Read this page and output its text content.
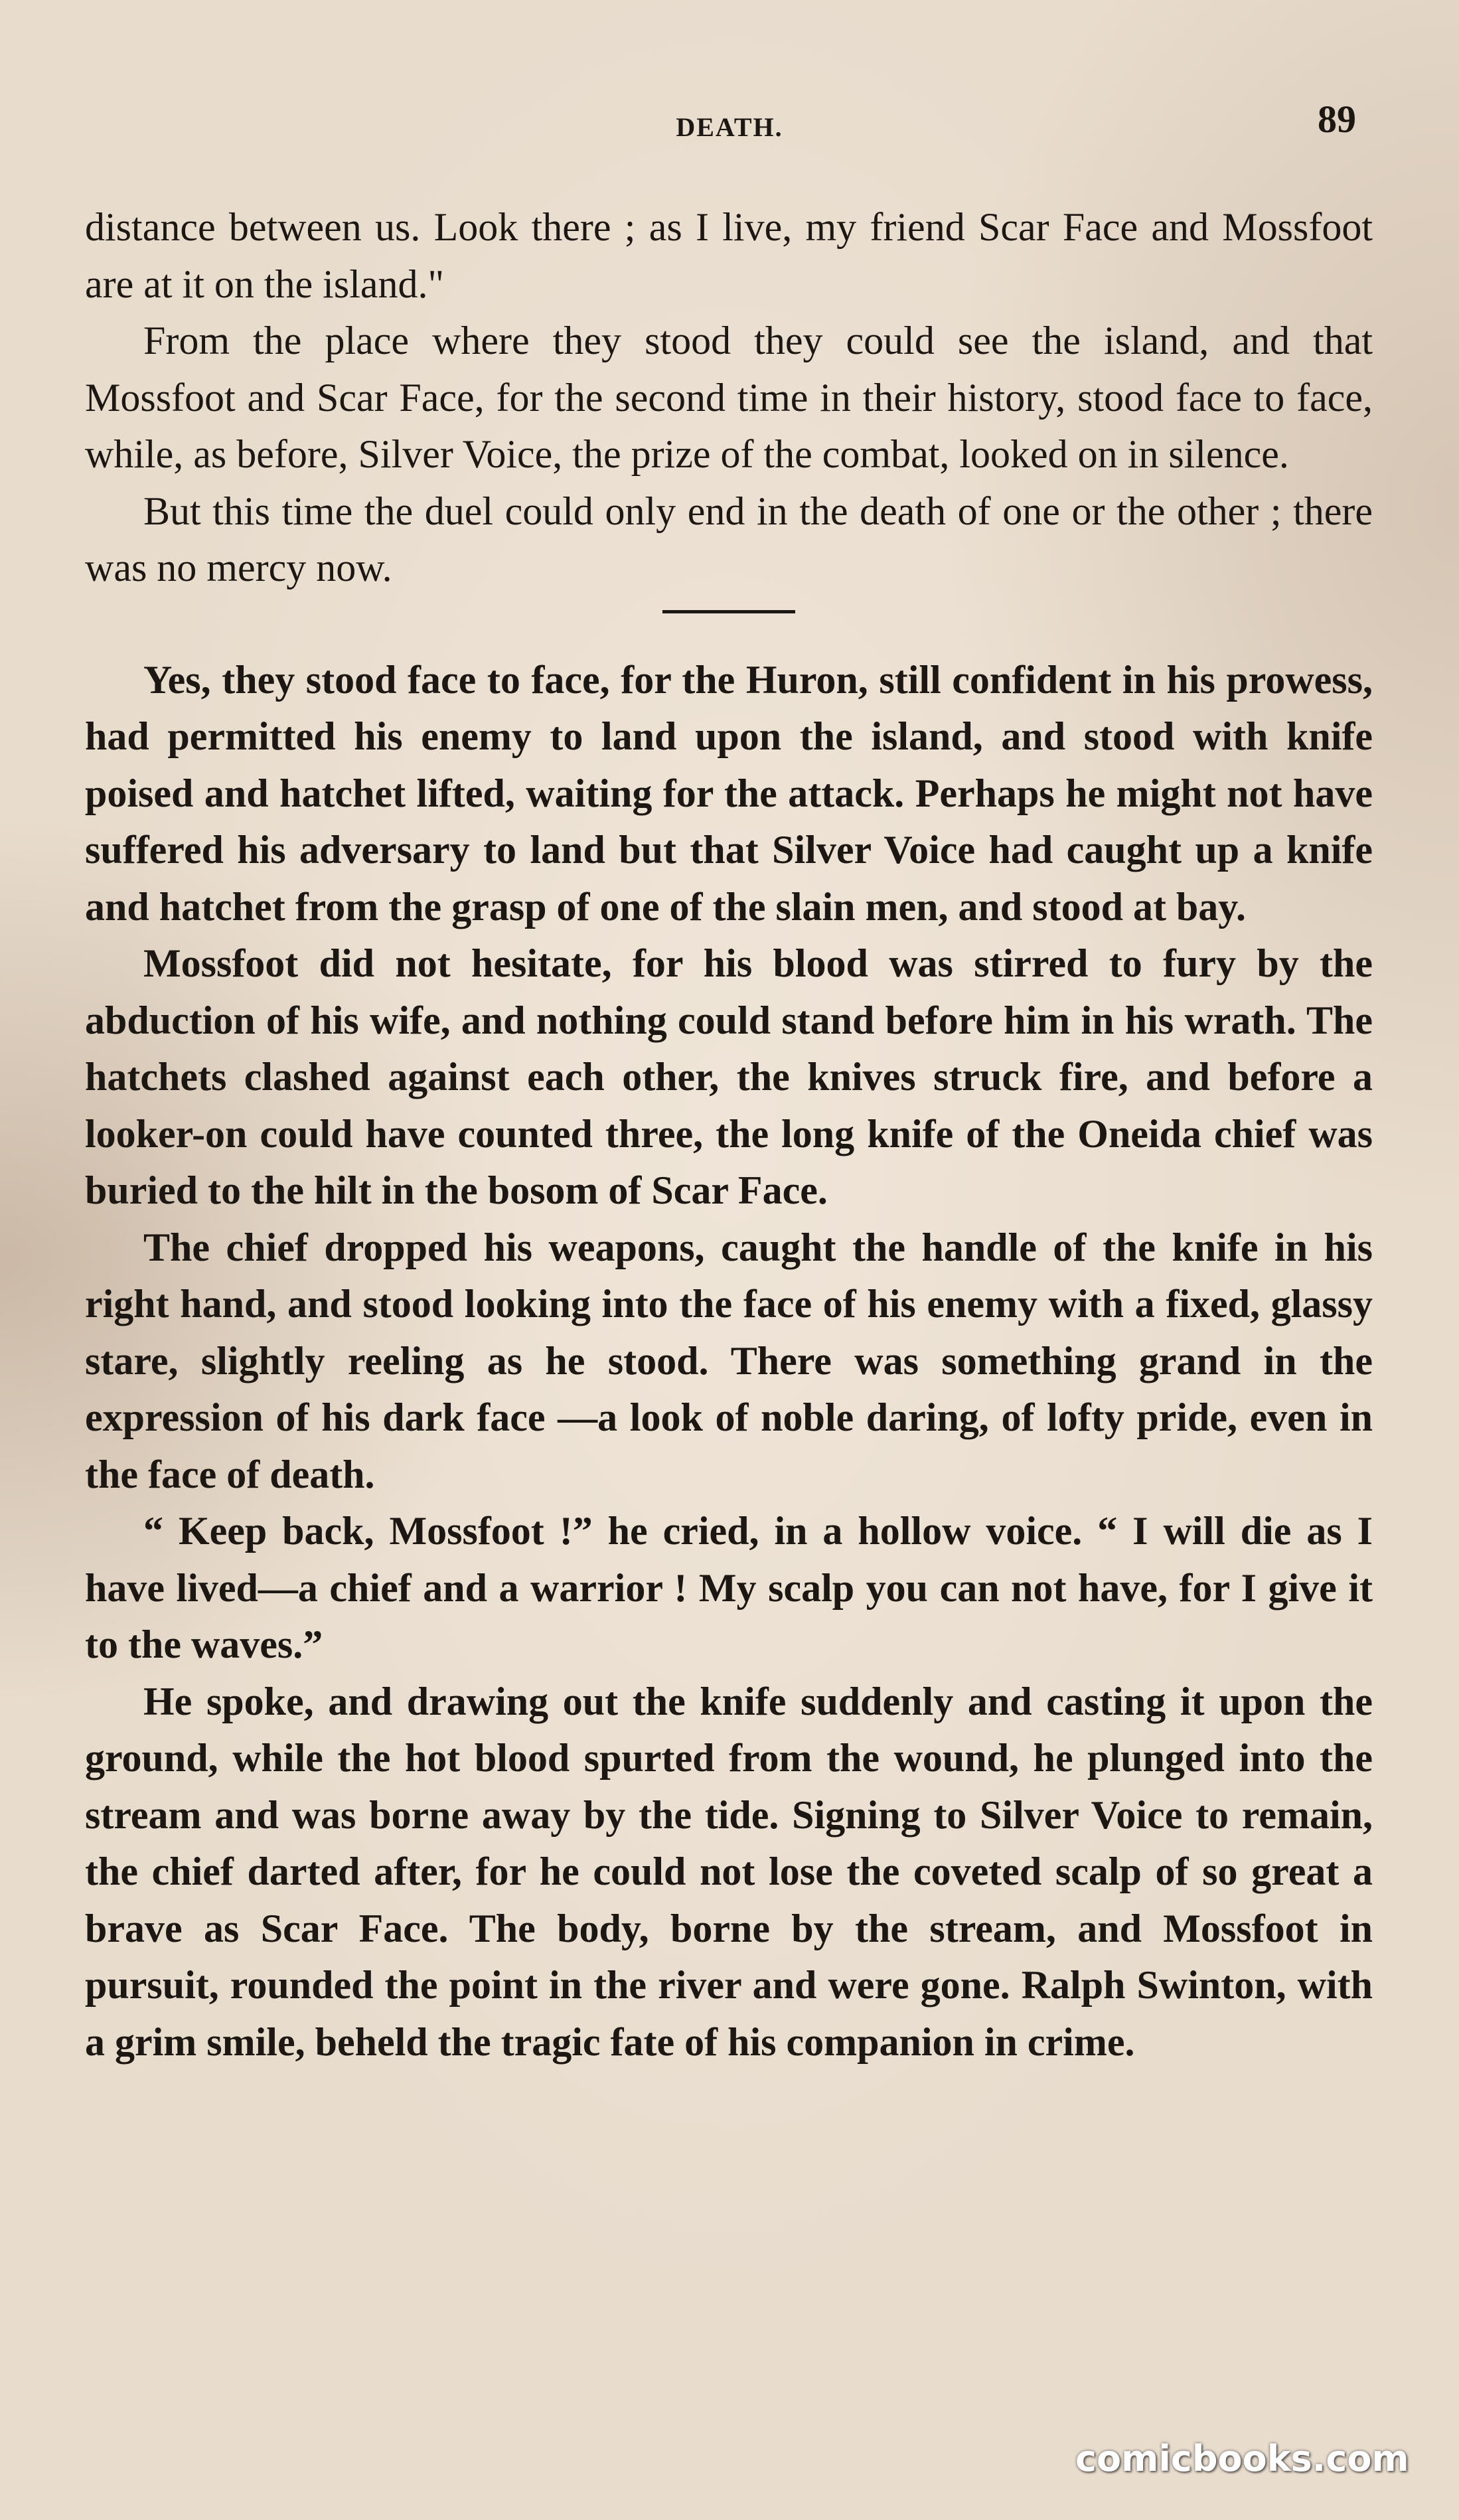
DEATH.	89

distance between us. Look there ; as I live, my friend Scar Face and Mossfoot are at it on the island."

From the place where they stood they could see the island, and that Mossfoot and Scar Face, for the second time in their history, stood face to face, while, as before, Silver Voice, the prize of the combat, looked on in silence.

But this time the duel could only end in the death of one or the other ; there was no mercy now.

Yes, they stood face to face, for the Huron, still confident in his prowess, had permitted his enemy to land upon the island, and stood with knife poised and hatchet lifted, waiting for the attack. Perhaps he might not have suffered his adversary to land but that Silver Voice had caught up a knife and hatchet from the grasp of one of the slain men, and stood at bay.

Mossfoot did not hesitate, for his blood was stirred to fury by the abduction of his wife, and nothing could stand before him in his wrath. The hatchets clashed against each other, the knives struck fire, and before a looker-on could have counted three, the long knife of the Oneida chief was buried to the hilt in the bosom of Scar Face.

The chief dropped his weapons, caught the handle of the knife in his right hand, and stood looking into the face of his enemy with a fixed, glassy stare, slightly reeling as he stood. There was something grand in the expression of his dark face —a look of noble daring, of lofty pride, even in the face of death.

“ Keep back, Mossfoot !” he cried, in a hollow voice. “ I will die as I have lived—a chief and a warrior ! My scalp you can not have, for I give it to the waves.”

He spoke, and drawing out the knife suddenly and casting it upon the ground, while the hot blood spurted from the wound, he plunged into the stream and was borne away by the tide. Signing to Silver Voice to remain, the chief darted after, for he could not lose the coveted scalp of so great a brave as Scar Face. The body, borne by the stream, and Mossfoot in pursuit, rounded the point in the river and were gone. Ralph Swinton, with a grim smile, beheld the tragic fate of his companion in crime.

comicbooks.com
